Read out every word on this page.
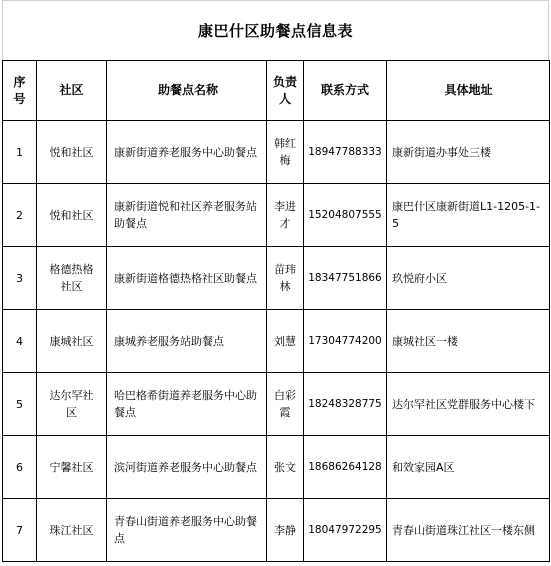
康巴什区助餐点信息表
序号	社区	助餐点名称	负责人	联系方式	具体地址
1	悦和社区	康新街道养老服务中心助餐点	韩红梅	18947788333	康新街道办事处三楼
2	悦和社区	康新街道悦和社区养老服务站助餐点	李进才	15204807555	康巴什区康新街道L1-1205-1-5
3	格德热格社区	康新街道格德热格社区助餐点	苗玮林	18347751866	玖悦府小区
4	康城社区	康城养老服务站助餐点	刘慧	17304774200	康城社区一楼
5	达尔罕社区	哈巴格希街道养老服务中心助餐点	白彩霞	18248328775	达尔罕社区党群服务中心楼下
6	宁馨社区	滨河街道养老服务中心助餐点	张文	18686264128	和效家园A区
7	珠江社区	青春山街道养老服务中心助餐点	李静	18047972295	青春山街道珠江社区一楼东侧
